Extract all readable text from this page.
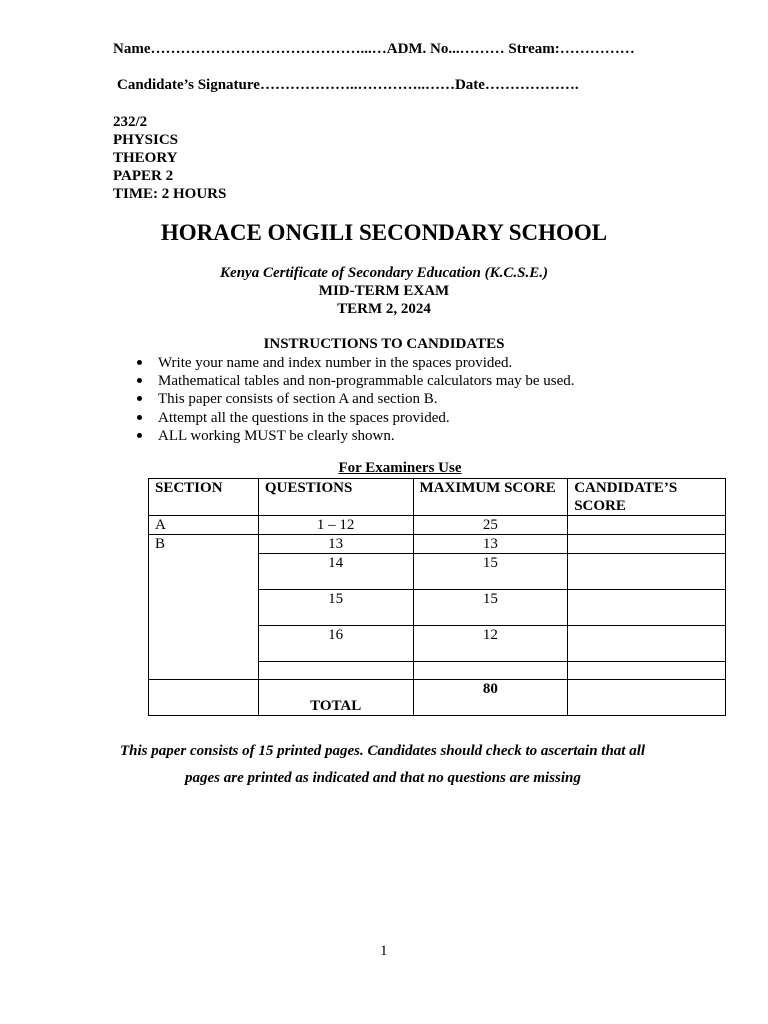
Name……………………………………...…ADM. No...……… Stream:……………
Candidate’s Signature………………..…………..……Date……………….
232/2
PHYSICS
THEORY
PAPER 2
TIME: 2 HOURS
HORACE ONGILI SECONDARY SCHOOL
Kenya Certificate of Secondary Education (K.C.S.E.)
MID-TERM EXAM
TERM 2, 2024
INSTRUCTIONS TO CANDIDATES
Write your name and index number in the spaces provided.
Mathematical tables and non-programmable calculators may be used.
This paper consists of section A and section B.
Attempt all the questions in the spaces provided.
ALL working MUST be clearly shown.
For Examiners Use
SECTION	QUESTIONS	MAXIMUM SCORE	CANDIDATE’S SCORE
A	1 – 12	25	
B	13	13	
	14	15	
	15	15	
	16	12	

	TOTAL	80	
This paper consists of 15 printed pages. Candidates should check to ascertain that all
pages are printed as indicated and that no questions are missing
1
